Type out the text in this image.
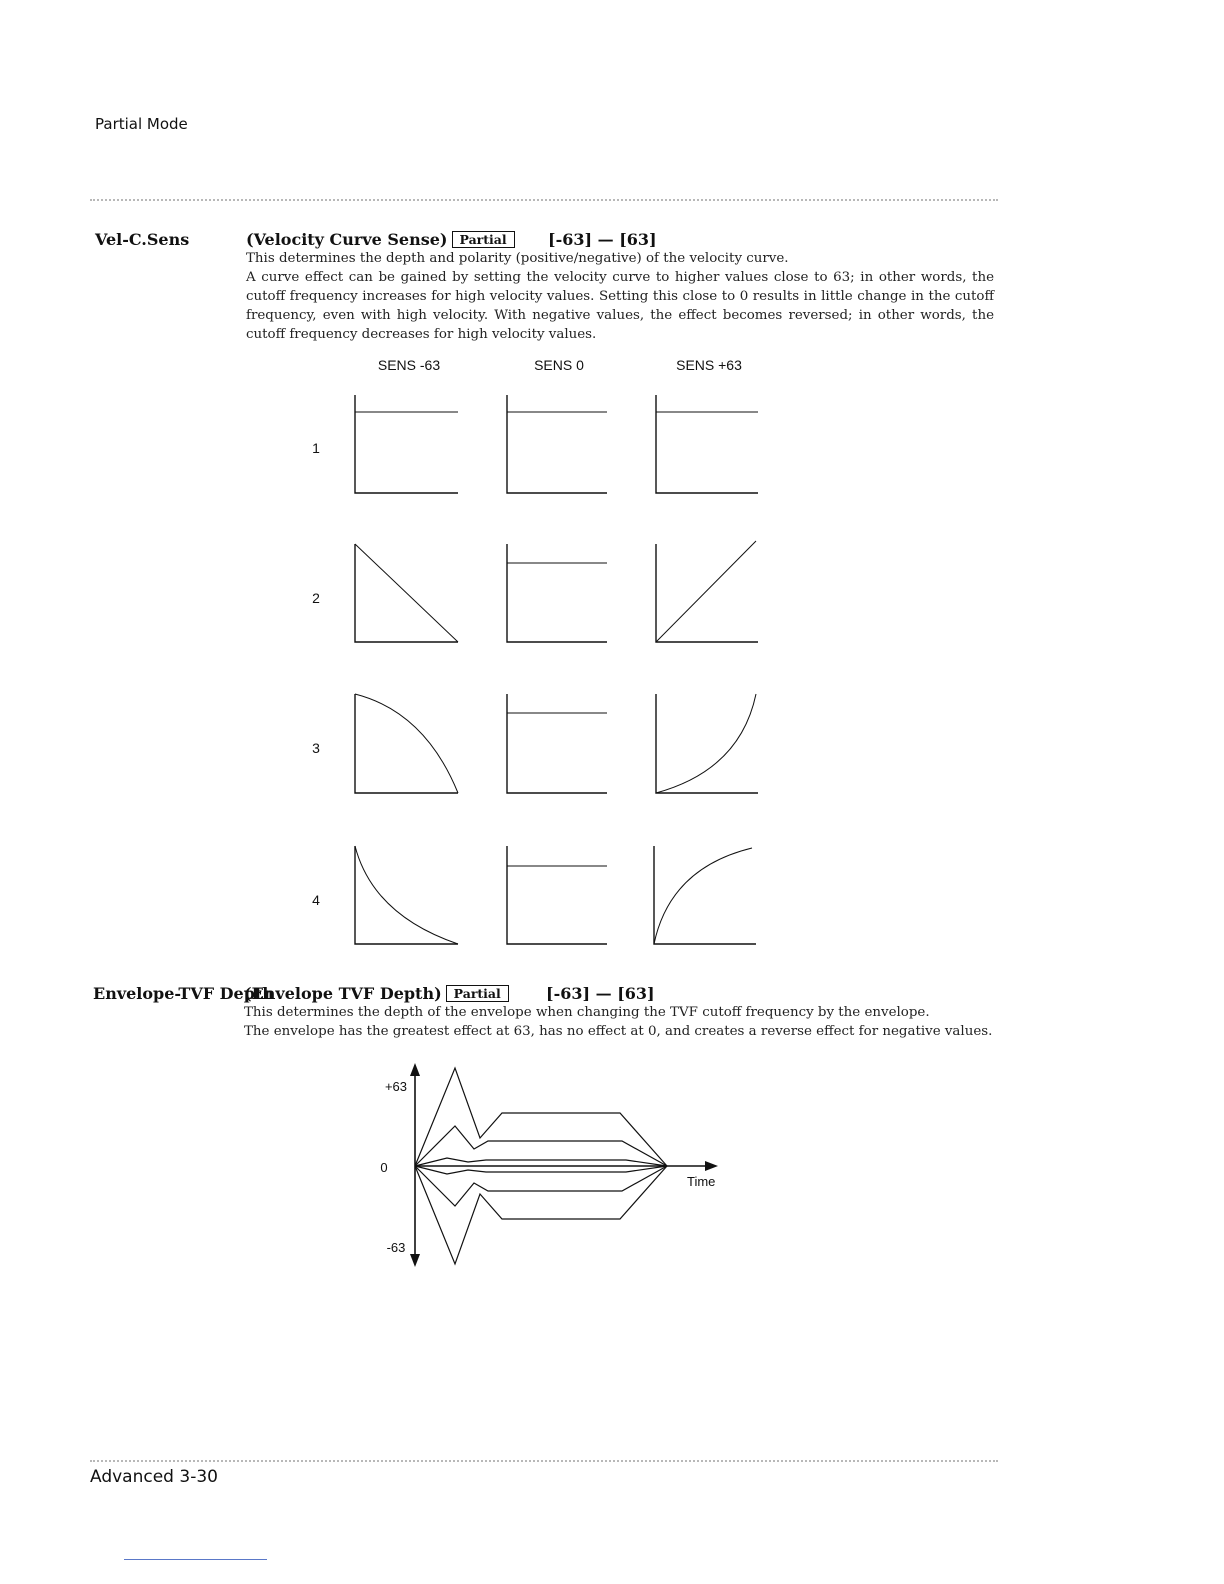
Partial Mode
Vel-C.Sens	(Velocity Curve Sense) Partial	[-63] — [63]

This determines the depth and polarity (positive/negative) of the velocity curve.

A curve effect can be gained by setting the velocity curve to higher values close to 63; in other words, the

cutoff frequency increases for high velocity values. Setting this close to 0 results in little change in the cutoff

frequency, even with high velocity. With negative values, the effect becomes reversed; in other words, the

cutoff frequency decreases for high velocity values.

SENS -63	SENS 0	SENS +63
1
2
3
4
Envelope-TVF Depth
(Envelope TVF Depth) Partial	[-63] — [63]

This determines the depth of the envelope when changing the TVF cutoff frequency by the envelope.

The envelope has the greatest effect at 63, has no effect at 0, and creates a reverse effect for negative values.

+63
0
-63
Time
Advanced 3-30
